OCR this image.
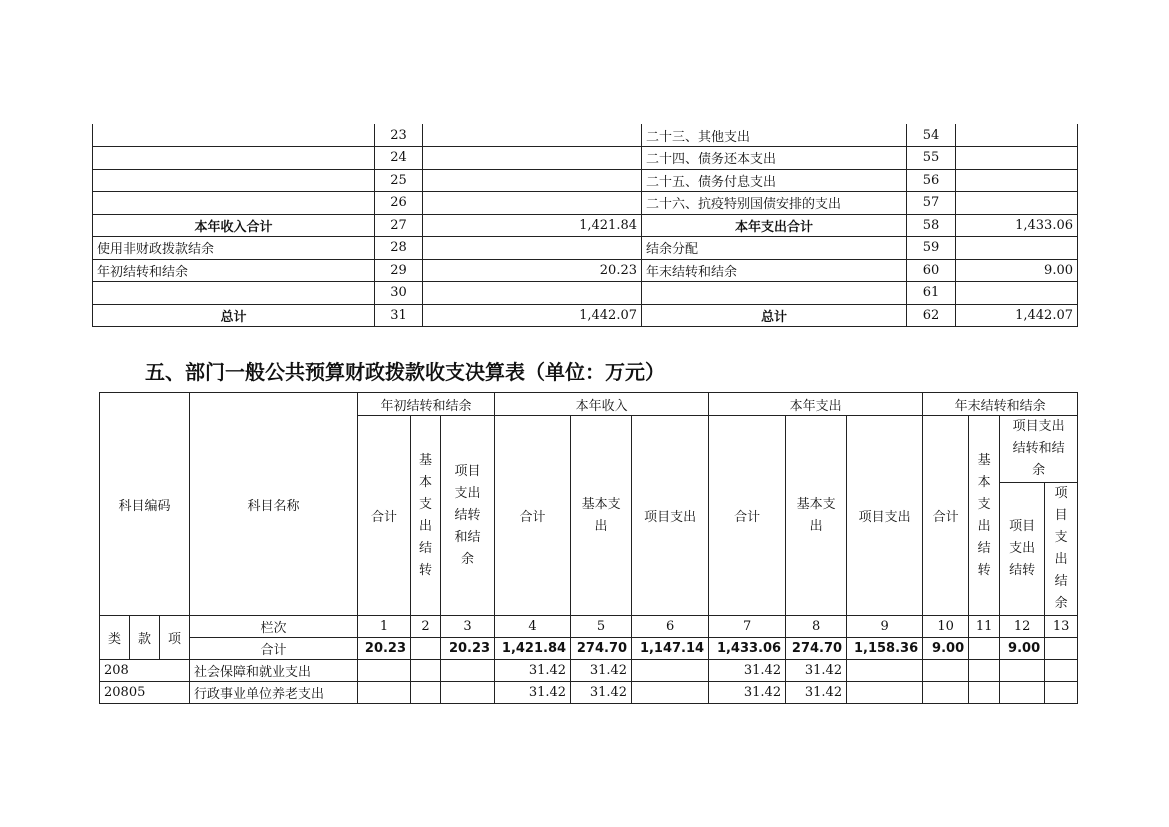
	23		二十三、其他支出	54	
	24		二十四、债务还本支出	55	
	25		二十五、债务付息支出	56	
	26		二十六、抗疫特别国债安排的支出	57	
本年收入合计	27	1,421.84	本年支出合计	58	1,433.06
使用非财政拨款结余	28		结余分配	59	
年初结转和结余	29	20.23	年末结转和结余	60	9.00
	30			61	
总计	31	1,442.07	总计	62	1,442.07
五、部门一般公共预算财政拨款收支决算表（单位：万元）
科目编码			科目名称	年初结转和结余			本年收入			本年支出			年末结转和结余			
				合计	基本支出结转	项目支出结转和结余	合计	基本支出	项目支出	合计	基本支出	项目支出	合计	基本支出结转	项目支出结转和结余	
															项目支出结转	项目支出结余
类	款	项	栏次	1	2	3	4	5	6	7	8	9	10	11	12	13
			合计	20.23		20.23	1,421.84	274.70	1,147.14	1,433.06	274.70	1,158.36	9.00		9.00	
208			社会保障和就业支出				31.42	31.42		31.42	31.42					
20805			行政事业单位养老支出				31.42	31.42		31.42	31.42					
